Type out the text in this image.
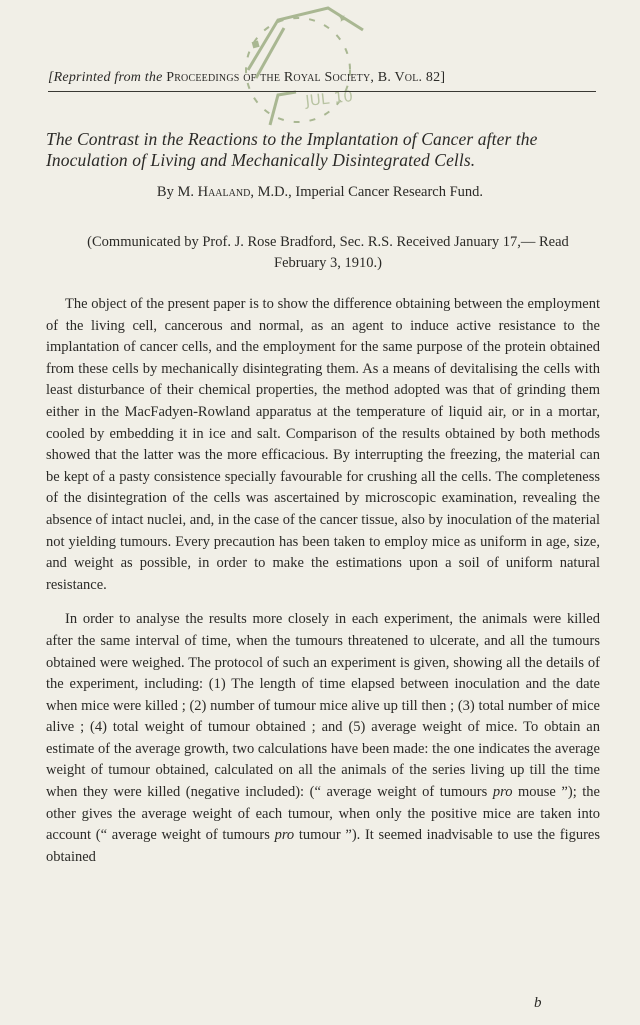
✦
◆
JUL 10
[Reprinted from the Proceedings of the Royal Society, B. Vol. 82]
The Contrast in the Reactions to the Implantation of Cancer after the Inoculation of Living and Mechanically Disintegrated Cells.
By M. Haaland, M.D., Imperial Cancer Research Fund.
(Communicated by Prof. J. Rose Bradford, Sec. R.S. Received January 17,— Read February 3, 1910.)

The object of the present paper is to show the difference obtaining between the employment of the living cell, cancerous and normal, as an agent to induce active resistance to the implantation of cancer cells, and the employment for the same purpose of the protein obtained from these cells by mechanically disintegrating them. As a means of devitalising the cells with least disturbance of their chemical properties, the method adopted was that of grinding them either in the MacFadyen-Rowland apparatus at the temperature of liquid air, or in a mortar, cooled by embedding it in ice and salt. Comparison of the results obtained by both methods showed that the latter was the more efficacious. By interrupting the freezing, the material can be kept of a pasty consistence specially favourable for crushing all the cells. The completeness of the disintegration of the cells was ascertained by microscopic examination, revealing the absence of intact nuclei, and, in the case of the cancer tissue, also by inoculation of the material not yielding tumours. Every precaution has been taken to employ mice as uniform in age, size, and weight as possible, in order to make the estimations upon a soil of uniform natural resistance.

In order to analyse the results more closely in each experiment, the animals were killed after the same interval of time, when the tumours threatened to ulcerate, and all the tumours obtained were weighed. The protocol of such an experiment is given, showing all the details of the experiment, including: (1) The length of time elapsed between inoculation and the date when mice were killed ; (2) number of tumour mice alive up till then ; (3) total number of mice alive ; (4) total weight of tumour obtained ; and (5) average weight of mice. To obtain an estimate of the average growth, two calculations have been made: the one indicates the average weight of tumour obtained, calculated on all the animals of the series living up till the time when they were killed (negative included): (“ average weight of tumours pro mouse ”); the other gives the average weight of each tumour, when only the positive mice are taken into account (“ average weight of tumours pro tumour ”). It seemed inadvisable to use the figures obtained

b
